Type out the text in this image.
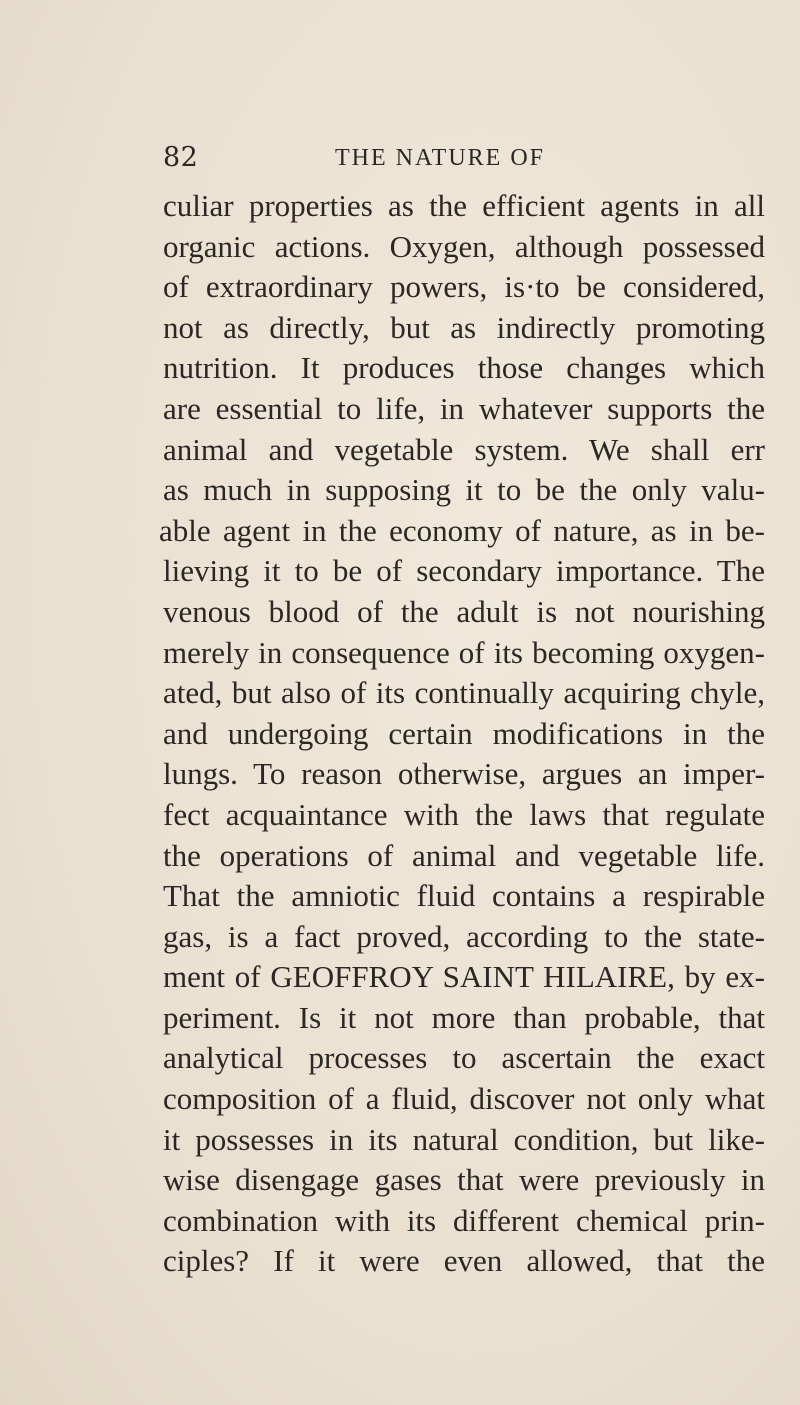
82	THE NATURE OF
culiar properties as the efficient agents in all
organic actions. Oxygen, although possessed
of extraordinary powers, is·to be considered,
not as directly, but as indirectly promoting
nutrition. It produces those changes which
are essential to life, in whatever supports the
animal and vegetable system. We shall err
as much in supposing it to be the only valu-
able agent in the economy of nature, as in be-
lieving it to be of secondary importance. The
venous blood of the adult is not nourishing
merely in consequence of its becoming oxygen-
ated, but also of its continually acquiring chyle,
and undergoing certain modifications in the
lungs. To reason otherwise, argues an imper-
fect acquaintance with the laws that regulate
the operations of animal and vegetable life.
That the amniotic fluid contains a respirable
gas, is a fact proved, according to the state-
ment of GEOFFROY SAINT HILAIRE, by ex-
periment. Is it not more than probable, that
analytical processes to ascertain the exact
composition of a fluid, discover not only what
it possesses in its natural condition, but like-
wise disengage gases that were previously in
combination with its different chemical prin-
ciples? If it were even allowed, that the
